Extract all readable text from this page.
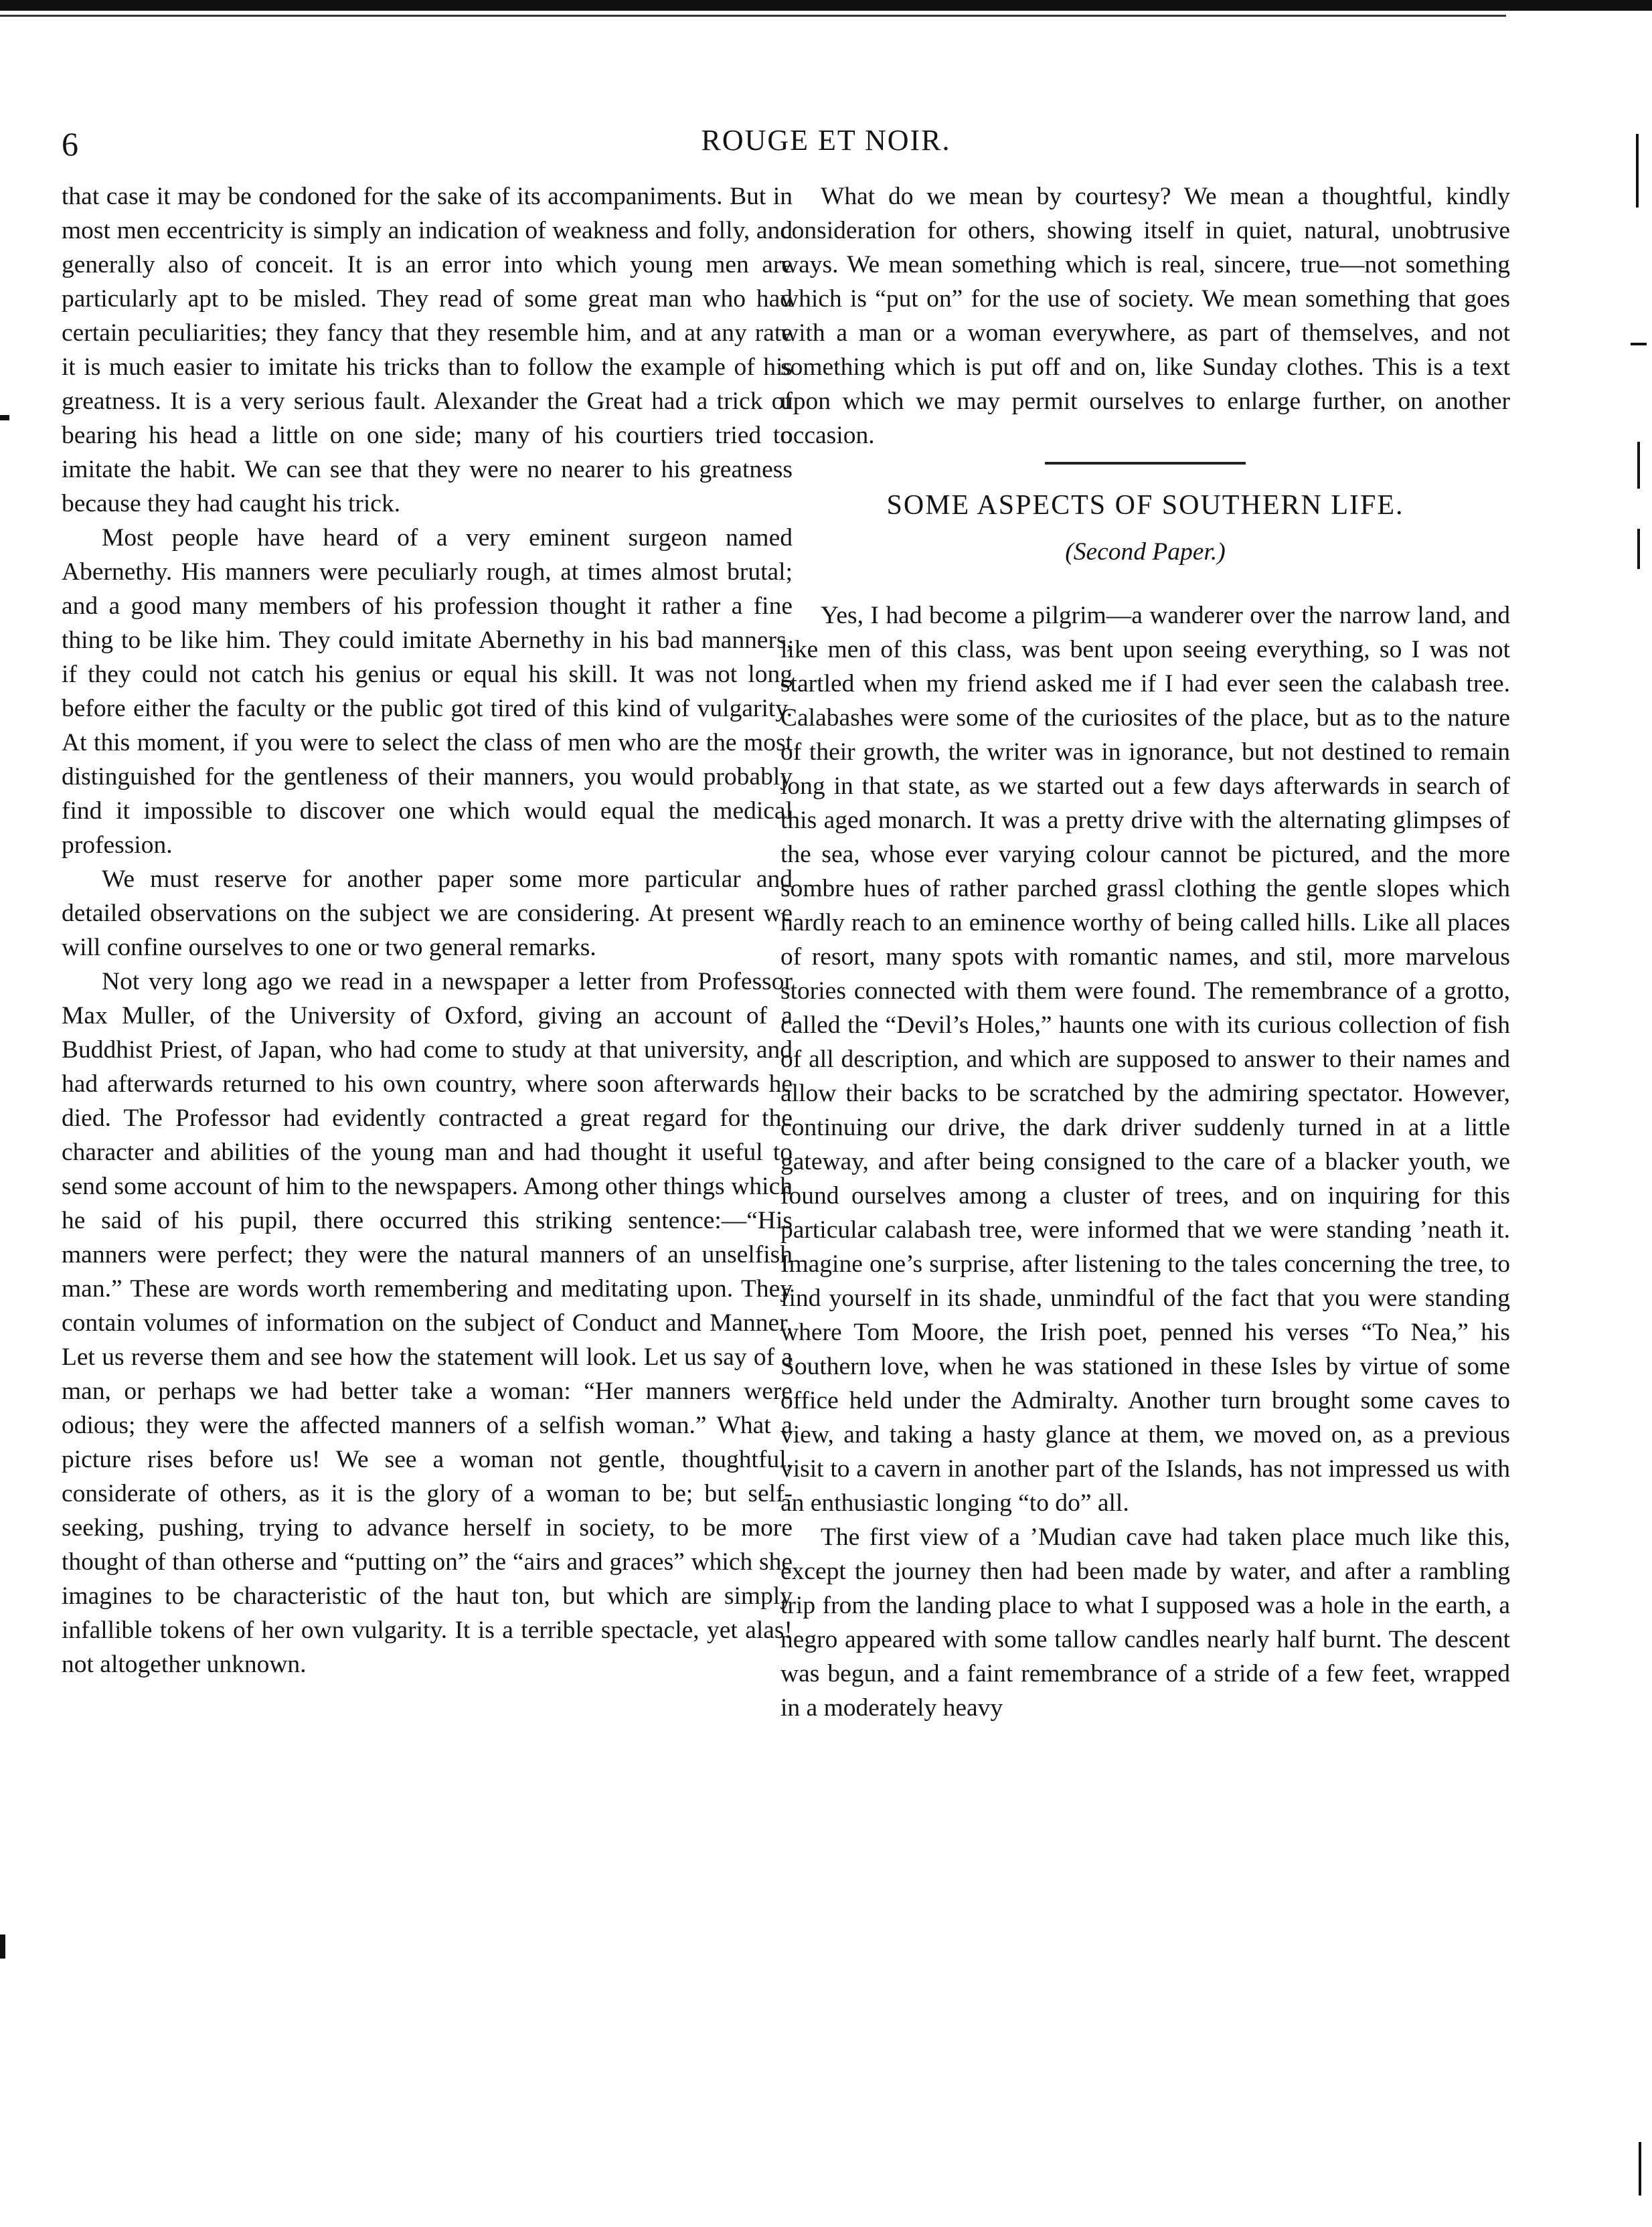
6	ROUGE ET NOIR.

that case it may be condoned for the sake of its accompaniments. But in most men eccentricity is simply an indication of weakness and folly, and generally also of conceit. It is an error into which young men are particularly apt to be misled. They read of some great man who had certain peculiarities; they fancy that they resemble him, and at any rate it is much easier to imitate his tricks than to follow the example of his greatness. It is a very serious fault. Alexander the Great had a trick of bearing his head a little on one side; many of his courtiers tried to imitate the habit. We can see that they were no nearer to his greatness because they had caught his trick.

Most people have heard of a very eminent surgeon named Abernethy. His manners were peculiarly rough, at times almost brutal; and a good many members of his profession thought it rather a fine thing to be like him. They could imitate Abernethy in his bad manners, if they could not catch his genius or equal his skill. It was not long before either the faculty or the public got tired of this kind of vulgarity. At this moment, if you were to select the class of men who are the most distinguished for the gentleness of their manners, you would probably find it impossible to discover one which would equal the medical profession.

We must reserve for another paper some more particular and detailed observations on the subject we are considering. At present we will confine ourselves to one or two general remarks.

Not very long ago we read in a newspaper a letter from Professor Max Muller, of the University of Oxford, giving an account of a Buddhist Priest, of Japan, who had come to study at that university, and had afterwards returned to his own country, where soon afterwards he died. The Professor had evidently contracted a great regard for the character and abilities of the young man and had thought it useful to send some account of him to the newspapers. Among other things which he said of his pupil, there occurred this striking sentence:—“His manners were perfect; they were the natural manners of an unselfish man.” These are words worth remembering and meditating upon. They contain volumes of information on the subject of Conduct and Manner. Let us reverse them and see how the statement will look. Let us say of a man, or perhaps we had better take a woman: “Her manners were odious; they were the affected manners of a selfish woman.” What a picture rises before us! We see a woman not gentle, thoughtful, considerate of others, as it is the glory of a woman to be; but self-seeking, pushing, trying to advance herself in society, to be more thought of than otherse and “putting on” the “airs and graces” which she imagines to be characteristic of the haut ton, but which are simply infallible tokens of her own vulgarity. It is a terrible spectacle, yet alas! not altogether unknown.

What do we mean by courtesy? We mean a thoughtful, kindly consideration for others, showing itself in quiet, natural, unobtrusive ways. We mean something which is real, sincere, true—not something which is “put on” for the use of society. We mean something that goes with a man or a woman everywhere, as part of themselves, and not something which is put off and on, like Sunday clothes. This is a text upon which we may permit ourselves to enlarge further, on another occasion.

SOME ASPECTS OF SOUTHERN LIFE.
(Second Paper.)

Yes, I had become a pilgrim—a wanderer over the narrow land, and like men of this class, was bent upon seeing everything, so I was not startled when my friend asked me if I had ever seen the calabash tree. Calabashes were some of the curiosites of the place, but as to the nature of their growth, the writer was in ignorance, but not destined to remain long in that state, as we started out a few days afterwards in search of this aged monarch. It was a pretty drive with the alternating glimpses of the sea, whose ever varying colour cannot be pictured, and the more sombre hues of rather parched grassl clothing the gentle slopes which hardly reach to an eminence worthy of being called hills. Like all places of resort, many spots with romantic names, and stil, more marvelous stories connected with them were found. The remembrance of a grotto, called the “Devil’s Holes,” haunts one with its curious collection of fish of all description, and which are supposed to answer to their names and allow their backs to be scratched by the admiring spectator. However, continuing our drive, the dark driver suddenly turned in at a little gateway, and after being consigned to the care of a blacker youth, we found ourselves among a cluster of trees, and on inquiring for this particular calabash tree, were informed that we were standing ’neath it. Imagine one’s surprise, after listening to the tales concerning the tree, to find yourself in its shade, unmindful of the fact that you were standing where Tom Moore, the Irish poet, penned his verses “To Nea,” his Southern love, when he was stationed in these Isles by virtue of some office held under the Admiralty. Another turn brought some caves to view, and taking a hasty glance at them, we moved on, as a previous visit to a cavern in another part of the Islands, has not impressed us with an enthusiastic longing “to do” all.

The first view of a ’Mudian cave had taken place much like this, except the journey then had been made by water, and after a rambling trip from the landing place to what I supposed was a hole in the earth, a negro appeared with some tallow candles nearly half burnt. The descent was begun, and a faint remembrance of a stride of a few feet, wrapped in a moderately heavy
